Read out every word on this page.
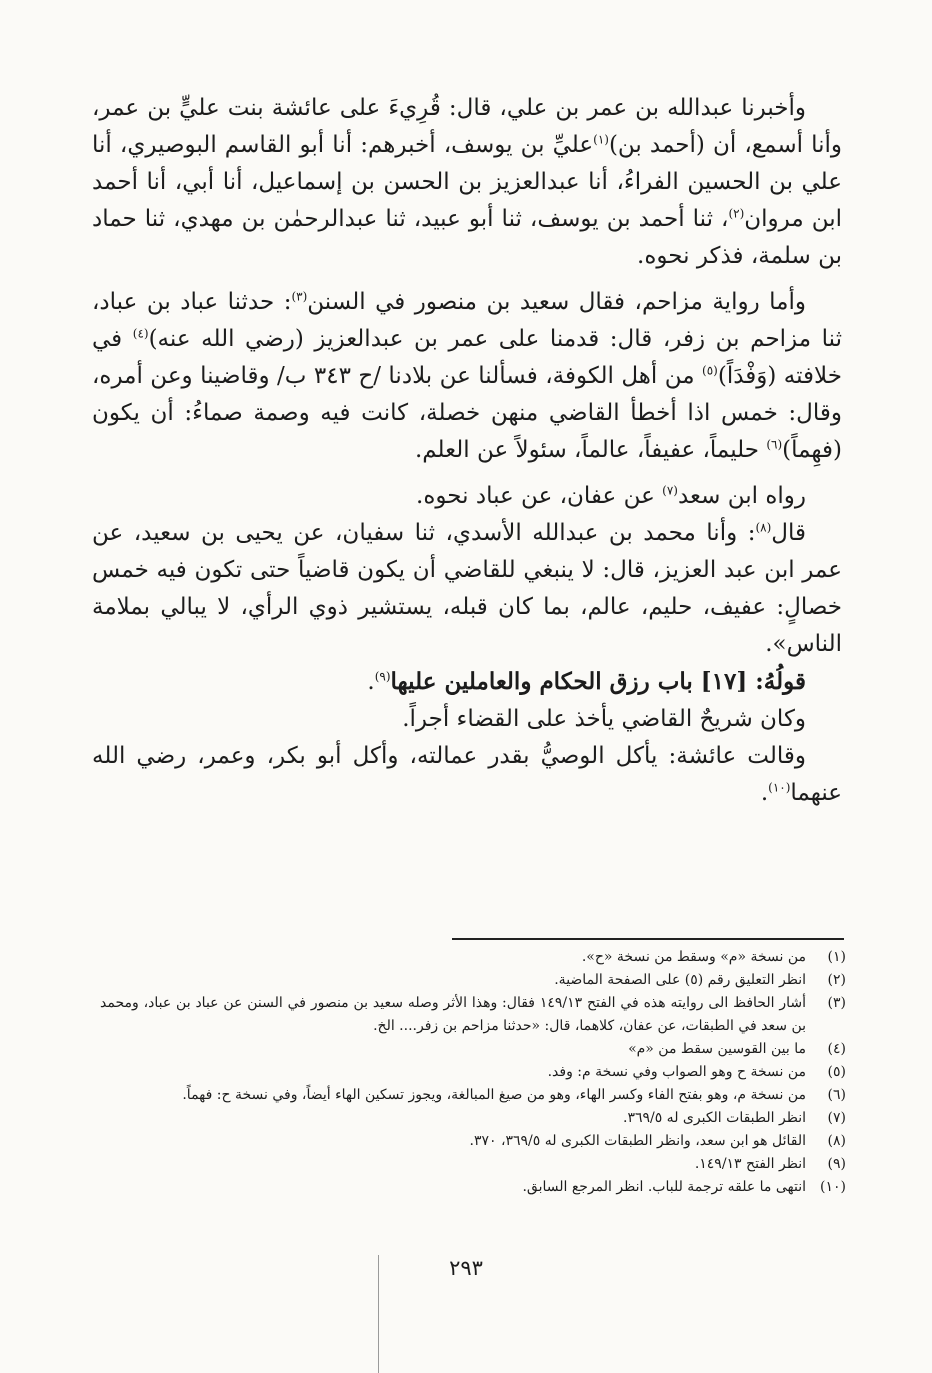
وأخبرنا عبدالله بن عمر بن علي، قال: قُرِيءَ على عائشة بنت عليٍّ بن عمر، وأنا أسمع، أن (أحمد بن)$^{(١)}$عليِّ بن يوسف، أخبرهم: أنا أبو القاسم البوصيري، أنا علي بن الحسين الفراءُ، أنا عبدالعزيز بن الحسن بن إسماعيل، أنا أبي، أنا أحمد ابن مروان$^{(٢)}$، ثنا أحمد بن يوسف، ثنا أبو عبيد، ثنا عبدالرحمٰن بن مهدي، ثنا حماد بن سلمة، فذكر نحوه.

وأما رواية مزاحم، فقال سعيد بن منصور في السنن$^{(٣)}$: حدثنا عباد بن عباد، ثنا مزاحم بن زفر، قال: قدمنا على عمر بن عبدالعزيز (رضي الله عنه)$^{(٤)}$ في خلافته (وَفْدَاً)$^{(٥)}$ من أهل الكوفة، فسألنا عن بلادنا /ح ٣٤٣ ب/ وقاضينا وعن أمره، وقال: خمس اذا أخطأ القاضي منهن خصلة، كانت فيه وصمة صماءُ: أن يكون (فهِماً)$^{(٦)}$ حليماً، عفيفاً، عالماً، سئولاً عن العلم.

رواه ابن سعد$^{(٧)}$ عن عفان، عن عباد نحوه.

قال$^{(٨)}$: وأنا محمد بن عبدالله الأسدي، ثنا سفيان، عن يحيى بن سعيد، عن عمر ابن عبد العزيز، قال: لا ينبغي للقاضي أن يكون قاضياً حتى تكون فيه خمس خصالٍ: عفيف، حليم، عالم، بما كان قبله، يستشير ذوي الرأي، لا يبالي بملامة الناس».

قولُهُ: [١٧] باب رزق الحكام والعاملين عليها$^{(٩)}$.

وكان شريحٌ القاضي يأخذ على القضاء أجراً.

وقالت عائشة: يأكل الوصيُّ بقدر عمالته، وأكل أبو بكر، وعمر، رضي الله عنهما$^{(١٠)}$.

(١)
من نسخة «م» وسقط من نسخة «ح».
(٢)
انظر التعليق رقم (٥) على الصفحة الماضية.
(٣)
أشار الحافظ الى روايته هذه في الفتح ١٤٩/١٣ فقال: وهذا الأثر وصله سعيد بن منصور في السنن عن عباد بن عباد، ومحمد بن سعد في الطبقات، عن عفان، كلاهما، قال: «حدثنا مزاحم بن زفر.... الخ.
(٤)
ما بين القوسين سقط من «م»
(٥)
من نسخة ح وهو الصواب وفي نسخة م: وفد.
(٦)
من نسخة م، وهو بفتح الفاء وكسر الهاء، وهو من صيغ المبالغة، ويجوز تسكين الهاء أيضاً، وفي نسخة ح: فهماً.
(٧)
انظر الطبقات الكبرى له ٣٦٩/٥.
(٨)
القائل هو ابن سعد، وانظر الطبقات الكبرى له ٣٦٩/٥، ٣٧٠.
(٩)
انظر الفتح ١٤٩/١٣.
(١٠)
انتهى ما علقه ترجمة للباب. انظر المرجع السابق.
٢٩٣
